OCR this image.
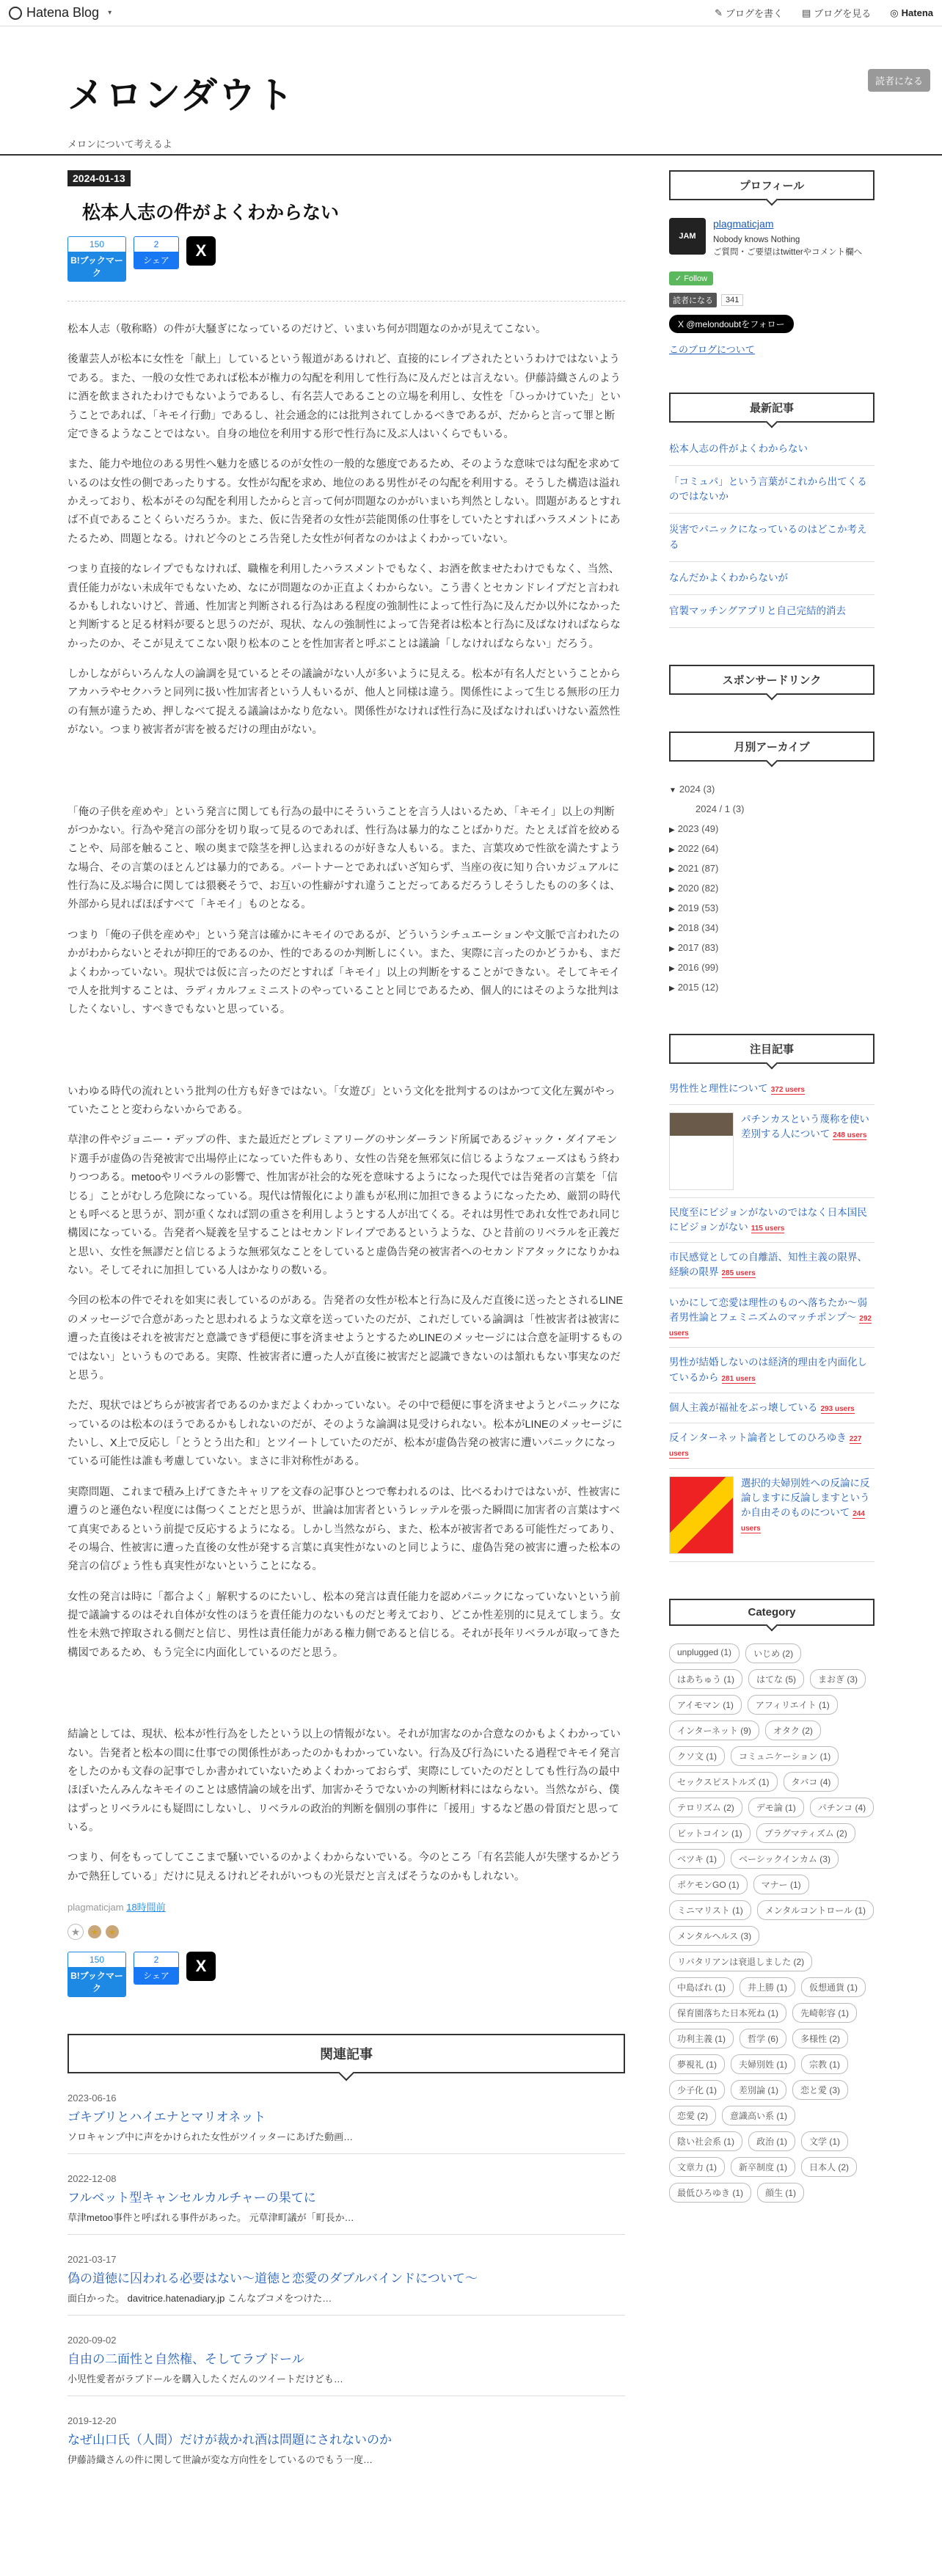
Hatena Blog ▾	✎ ブログを書く ▤ ブログを見る ◎ Hatena
メロンダウト
メロンについて考えるよ
読者になる
2024-01-13
松本人志の件がよくわからない
150
B!ブックマーク
2
シェア
X

松本人志（敬称略）の件が大騒ぎになっているのだけど、いまいち何が問題なのかが見えてこない。

後輩芸人が松本に女性を「献上」しているという報道があるけれど、直接的にレイプされたというわけではないようである。また、一般の女性であれば松本が権力の勾配を利用して性行為に及んだとは言えない。伊藤詩織さんのように酒を飲まされたわけでもないようであるし、有名芸人であることの立場を利用し、女性を「ひっかけていた」ということであれば、「キモイ行動」であるし、社会通念的には批判されてしかるべきであるが、だからと言って罪と断定できるようなことではない。自身の地位を利用する形で性行為に及ぶ人はいくらでもいる。

また、能力や地位のある男性へ魅力を感じるのが女性の一般的な態度であるため、そのような意味では勾配を求めているのは女性の側であったりする。女性が勾配を求め、地位のある男性がその勾配を利用する。そうした構造は溢れかえっており、松本がその勾配を利用したからと言って何が問題なのかがいまいち判然としない。問題があるとすれば不貞であることくらいだろうか。また、仮に告発者の女性が芸能関係の仕事をしていたとすればハラスメントにあたるため、問題となる。けれど今のところ告発した女性が何者なのかはよくわかっていない。

つまり直接的なレイプでもなければ、職権を利用したハラスメントでもなく、お酒を飲ませたわけでもなく、当然、責任能力がない未成年でもないため、なにが問題なのか正直よくわからない。こう書くとセカンドレイプだと言われるかもしれないけど、普通、性加害と判断される行為はある程度の強制性によって性行為に及んだか以外になかったと判断すると足る材料が要ると思うのだが、現状、なんの強制性によって告発者は松本と行為に及ばなければならなかったのか、そこが見えてこない限り松本のことを性加害者と呼ぶことは議論「しなければならない」だろう。

しかしながらいろんな人の論調を見ているとその議論がない人が多いように見える。松本が有名人だということからアカハラやセクハラと同列に扱い性加害者という人もいるが、他人と同様は違う。関係性によって生じる無形の圧力の有無が違うため、押しなべて捉える議論はかなり危ない。関係性がなければ性行為に及ばなければいけない蓋然性がない。つまり被害者が害を被るだけの理由がない。

「俺の子供を産めや」という発言に関しても行為の最中にそういうことを言う人はいるため、「キモイ」以上の判断がつかない。行為や発言の部分を切り取って見るのであれば、性行為は暴力的なことばかりだ。たとえば首を絞めることや、局部を触ること、喉の奥まで陰茎を押し込まれるのが好きな人もいる。また、言葉攻めで性欲を満たすような場合、その言葉のほとんどは暴力的である。パートナーとであればいざ知らず、当座の夜に知り合いカジュアルに性行為に及ぶ場合に関しては猥褻そうで、お互いの性癖がすれ違うことだってあるだろうしそうしたものの多くは、外部から見ればほぼすべて「キモイ」ものとなる。

つまり「俺の子供を産めや」という発言は確かにキモイのであるが、どういうシチュエーションや文脈で言われたのかがわからないとそれが抑圧的であるのか、性的であるのか判断しにくい。また、実際に言ったのかどうかも、まだよくわかっていない。現状では仮に言ったのだとすれば「キモイ」以上の判断をすることができない。そしてキモイで人を批判することは、ラディカルフェミニストのやっていることと同じであるため、個人的にはそのような批判はしたくないし、すべきでもないと思っている。

いわゆる時代の流れという批判の仕方も好きではない。「女遊び」という文化を批判するのはかつて文化左翼がやっていたことと変わらないからである。

草津の件やジョニー・デップの件、また最近だとプレミアリーグのサンダーランド所属であるジャック・ダイアモンド選手が虚偽の告発被害で出場停止になっていた件もあり、女性の告発を無邪気に信じるようなフェーズはもう終わりつつある。metooやリベラルの影響で、性加害が社会的な死を意味するようになった現代では告発者の言葉を「信じる」ことがむしろ危険になっている。現代は情報化により誰もが私刑に加担できるようになったため、厳罰の時代とも呼べると思うが、罰が重くなれば罰の重さを利用しようとする人が出てくる。それは男性であれ女性であれ同じ構図になっている。告発者へ疑義を呈することはセカンドレイプであるというような、ひと昔前のリベラルを正義だと思い、女性を無謬だと信じるような無邪気なことをしていると虚偽告発の被害者へのセカンドアタックになりかねない。そしてそれに加担している人はかなりの数いる。

今回の松本の件でそれを如実に表しているのがある。告発者の女性が松本と行為に及んだ直後に送ったとされるLINEのメッセージで合意があったと思われるような文章を送っていたのだが、これだしている論調は「性被害者は被害に遭った直後はそれを被害だと意識できず穏便に事を済ませようとするためLINEのメッセージには合意を証明するものではない」というものである。実際、性被害者に遭った人が直後に被害だと認識できないのは頷れもない事実なのだと思う。

ただ、現状ではどちらが被害者であるのかまだよくわかっていない。その中で穏便に事を済ませようとパニックになっているのは松本のほうであるかもしれないのだが、そのような論調は見受けられない。松本がLINEのメッセージにたいし、X上で反応し「とうとう出た和」とツイートしていたのだが、松本が虚偽告発の被害に遭いパニックになっている可能性は誰も考慮していない。まさに非対称性がある。

実際問題、これまで積み上げてきたキャリアを文春の記事ひとつで奪われるのは、比べるわけではないが、性被害に遭うのと遜色ない程度には傷つくことだと思うが、世論は加害者というレッテルを張った瞬間に加害者の言葉はすべて真実であるという前提で反応するようになる。しかし当然ながら、また、松本が被害者である可能性だってあり、その場合、性被害に遭った直後の女性が発する言葉に真実性がないのと同じように、虚偽告発の被害に遭った松本の発言の信ぴょう性も真実性がないということになる。

女性の発言は時に「都合よく」解釈するのにたいし、松本の発言は責任能力を認めパニックになっていないという前提で議論するのはそれ自体が女性のほうを責任能力のないものだと考えており、どこか性差別的に見えてしまう。女性を未熟で搾取される側だと信じ、男性は責任能力がある権力側であると信じる。それが長年リベラルが取ってきた構図であるため、もう完全に内面化しているのだと思う。

結論としては、現状、松本が性行為をしたという以上の情報がない。それが加害なのか合意なのかもよくわかっていない。告発者と松本の間に仕事での関係性があったのかもわかっていない。行為及び行為にいたる過程でキモイ発言をしたのかも文春の記事でしか書かれていないためよくわかっておらず、実際にしていたのだとしても性行為の最中ほぼいたんみんなキモイのことは感情論の域を出ず、加害かそうでないかの判断材料にはならない。当然ながら、僕はずっとリベラルにも疑問にしないし、リベラルの政治的判断を個別の事件に「援用」するなど愚の骨頂だと思っている。

つまり、何をもってしてここまで騒いでいるのかよくわからないでいる。今のところ「有名芸能人が失墜するかどうかで熱狂している」だけに見えるけれどそれがいつもの光景だと言えばそうなのかもしれない。

plagmaticjam 18時間前
★	★	★
150
B!ブックマーク
2
シェア
X
関連記事
2023-06-16
ゴキブリとハイエナとマリオネット
ソロキャンプ中に声をかけられた女性がツイッターにあげた動画…
2022-12-08
フルベット型キャンセルカルチャーの果てに
草津metoo事件と呼ばれる事件があった。 元草津町議が「町長か…
2021-03-17
偽の道徳に囚われる必要はない～道徳と恋愛のダブルバインドについて～
面白かった。 davitrice.hatenadiary.jp こんなブコメをつけた…
2020-09-02
自由の二面性と自然権、そしてラブドール
小児性愛者がラブドールを購入したくだんのツイートだけども…
2019-12-20
なぜ山口氏（人間）だけが裁かれ酒は問題にされないのか
伊藤詩織さんの件に関して世論が変な方向性をしているのでもう一度…
プロフィール
JAM
plagmaticjam
Nobody knows Nothing
ご質問・ご要望はtwitterやコメント欄へ
✓ Follow
読者になる	341
X @melondoubtをフォロー
このブログについて
最新記事
松本人志の件がよくわからない
「コミュパ」という言葉がこれから出てくるのではないか
災害でパニックになっているのはどこか考える
なんだかよくわからないが
官製マッチングアプリと自己完結的消去
スポンサードリンク
月別アーカイブ
▼ 2024 (3)
2024 / 1 (3)
▶ 2023 (49)
▶ 2022 (64)
▶ 2021 (87)
▶ 2020 (82)
▶ 2019 (53)
▶ 2018 (34)
▶ 2017 (83)
▶ 2016 (99)
▶ 2015 (12)
注目記事
男性性と理性について 372 users
パチンカスという蔑称を使い差別する人について 248 users
民度至にビジョンがないのではなく日本国民にビジョンがない 115 users
市民感覚としての自離語、知性主義の限界、経験の限界 285 users
いかにして恋愛は理性のものへ落ちたか～弱者男性論とフェミニズムのマッチポンプ～ 292 users
男性が結婚しないのは経済的理由を内面化しているから 281 users
個人主義が福祉をぶっ壊している 293 users
反インターネット論者としてのひろゆき 227 users
選択的夫婦別姓への反論に反論しますに反論しますというか自由そのものについて 244 users
Category
unplugged (1)	いじめ (2)
はあちゅう (1)	はてな (5)	まおぎ (3)
アイモマン (1)	アフィリエイト (1)
インターネット (9)	オタク (2)
クソ文 (1)	コミュニケーション (1)
セックスピストルズ (1)	タバコ (4)
テロリズム (2)	デモ論 (1)	パチンコ (4)
ビットコイン (1)	プラグマティズム (2)
ベツキ (1)	ベーシックインカム (3)
ポケモンGO (1)	マナー (1)
ミニマリスト (1)	メンタルコントロール (1)
メンタルヘルス (3)
リバタリアンは衰退しました (2)
中島ばれ (1)	井上勝 (1)	仮想通貨 (1)
保育園落ちた日本死ね (1)	先崎彰容 (1)
功利主義 (1)	哲学 (6)	多様性 (2)
夢視礼 (1)	夫婦別姓 (1)	宗教 (1)
少子化 (1)	差別論 (1)	恋と愛 (3)
恋愛 (2)	意識高い系 (1)
陰い社会系 (1)	政治 (1)	文学 (1)
文章力 (1)	新卒制度 (1)	日本人 (2)
最低ひろゆき (1)	顔生 (1)
